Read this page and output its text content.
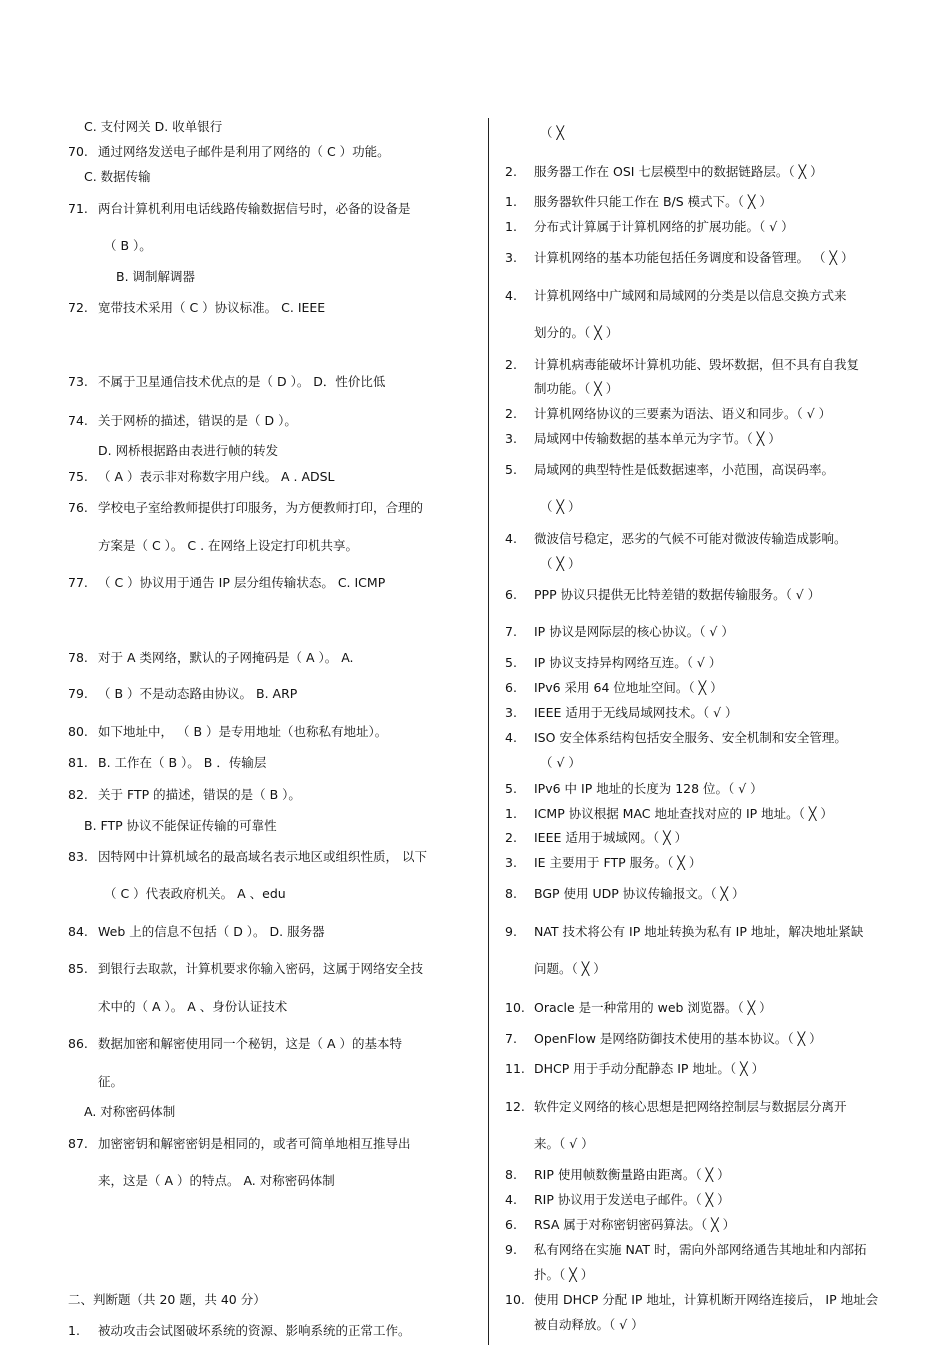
C. 支付网关 D. 收单银行
70. 通过网络发送电子邮件是利用了网络的（ C ）功能。
C. 数据传输
71. 两台计算机利用电话线路传输数据信号时，必备的设备是
（ B ）。
B. 调制解调器
72. 宽带技术采用（ C ）协议标准。 C. IEEE
73. 不属于卫星通信技术优点的是（ D ）。 D．性价比低
74. 关于网桥的描述，错误的是（ D ）。
D. 网桥根据路由表进行帧的转发
75. （ A ）表示非对称数字用户线。 A . ADSL
76. 学校电子室给教师提供打印服务，为方便教师打印，合理的
方案是（ C ）。 C . 在网络上设定打印机共享。
77. （ C ）协议用于通告 IP 层分组传输状态。 C. ICMP
78. 对于 A 类网络，默认的子网掩码是（ A ）。 A.
79. （ B ）不是动态路由协议。 B. ARP
80. 如下地址中， （ B ）是专用地址（也称私有地址）。
81. B. 工作在（ B ）。 B ．传输层
82. 关于 FTP 的描述，错误的是（ B ）。
B. FTP 协议不能保证传输的可靠性
83. 因特网中计算机域名的最高域名表示地区或组织性质， 以下
（ C ）代表政府机关。 A 、edu
84. Web 上的信息不包括（ D ）。 D. 服务器
85. 到银行去取款，计算机要求你输入密码，这属于网络安全技
术中的（ A ）。 A 、身份认证技术
86. 数据加密和解密使用同一个秘钥，这是（ A ）的基本特
征。
A. 对称密码体制
87. 加密密钥和解密密钥是相同的，或者可简单地相互推导出
来，这是（ A ）的特点。 A. 对称密码体制
二、判断题（共 20 题，共 40 分）
1. 被动攻击会试图破坏系统的资源、影响系统的正常工作。
（ ╳
2. 服务器工作在 OSI 七层模型中的数据链路层。（ ╳ ）
1. 服务器软件只能工作在 B/S 模式下。（ ╳ ）
1. 分布式计算属于计算机网络的扩展功能。（ √ ）
3. 计算机网络的基本功能包括任务调度和设备管理。 （ ╳ ）
4. 计算机网络中广域网和局域网的分类是以信息交换方式来
划分的。（ ╳ ）
2. 计算机病毒能破坏计算机功能、毁坏数据，但不具有自我复
制功能。（ ╳ ）
2. 计算机网络协议的三要素为语法、语义和同步。（ √ ）
3. 局域网中传输数据的基本单元为字节。（ ╳ ）
5. 局域网的典型特性是低数据速率，小范围，高误码率。
（ ╳ ）
4. 微波信号稳定，恶劣的气候不可能对微波传输造成影响。
（ ╳ ）
6. PPP 协议只提供无比特差错的数据传输服务。（ √ ）
7. IP 协议是网际层的核心协议。（ √ ）
5. IP 协议支持异构网络互连。（ √ ）
6. IPv6 采用 64 位地址空间。（ ╳ ）
3. IEEE 适用于无线局域网技术。（ √ ）
4. ISO 安全体系结构包括安全服务、安全机制和安全管理。
（ √ ）
5. IPv6 中 IP 地址的长度为 128 位。（ √ ）
1. ICMP 协议根据 MAC 地址查找对应的 IP 地址。（ ╳ ）
2. IEEE 适用于城域网。（ ╳ ）
3. IE 主要用于 FTP 服务。（ ╳ ）
8. BGP 使用 UDP 协议传输报文。（ ╳ ）
9. NAT 技术将公有 IP 地址转换为私有 IP 地址，解决地址紧缺
问题。（ ╳ ）
10. Oracle 是一种常用的 web 浏览器。（ ╳ ）
7. OpenFlow 是网络防御技术使用的基本协议。（ ╳ ）
11. DHCP 用于手动分配静态 IP 地址。（ ╳ ）
12. 软件定义网络的核心思想是把网络控制层与数据层分离开
来。（ √ ）
8. RIP 使用帧数衡量路由距离。（ ╳ ）
4. RIP 协议用于发送电子邮件。（ ╳ ）
6. RSA 属于对称密钥密码算法。（ ╳ ）
9. 私有网络在实施 NAT 时，需向外部网络通告其地址和内部拓
扑。（ ╳ ）
10. 使用 DHCP 分配 IP 地址，计算机断开网络连接后， IP 地址会
被自动释放。（ √ ）
